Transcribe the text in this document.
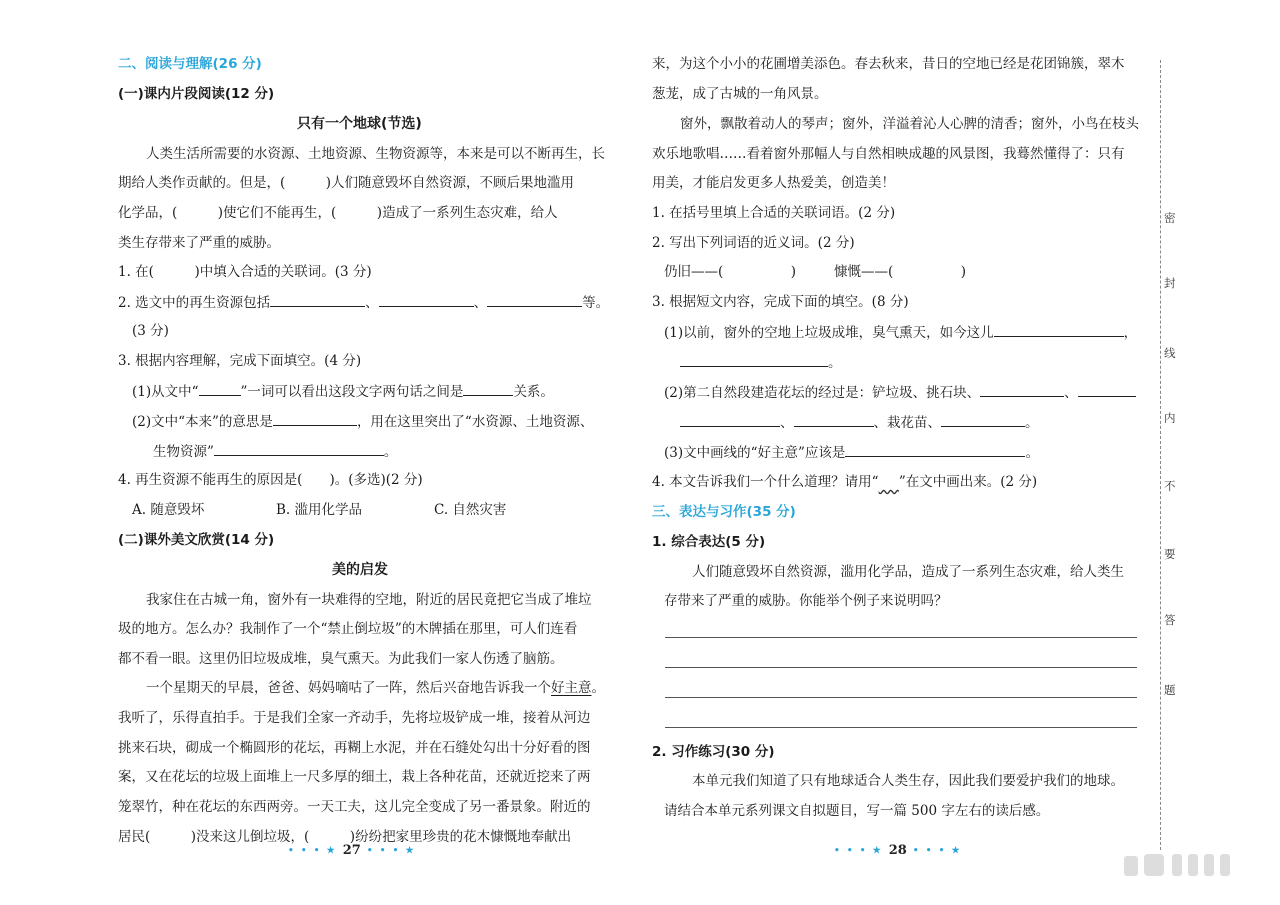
二、阅读与理解(26 分)
(一)课内片段阅读(12 分)
只有一个地球(节选)
人类生活所需要的水资源、土地资源、生物资源等，本来是可以不断再生，长
期给人类作贡献的。但是，(　　　)人们随意毁坏自然资源，不顾后果地滥用
化学品，(　　　)使它们不能再生，(　　　)造成了一系列生态灾难，给人
类生存带来了严重的威胁。
1. 在(　　　)中填入合适的关联词。(3 分)
2. 选文中的再生资源包括	、	、	等。
(3 分)
3. 根据内容理解，完成下面填空。(4 分)
(1)从文中“	”一词可以看出这段文字两句话之间是	关系。
(2)文中“本来”的意思是	，用在这里突出了“水资源、土地资源、
生物资源”	。
4. 再生资源不能再生的原因是(　　)。(多选)(2 分)
A. 随意毁坏	B. 滥用化学品	C. 自然灾害
(二)课外美文欣赏(14 分)
美的启发
我家住在古城一角，窗外有一块难得的空地，附近的居民竟把它当成了堆垃
圾的地方。怎么办？我制作了一个“禁止倒垃圾”的木牌插在那里，可人们连看
都不看一眼。这里仍旧垃圾成堆，臭气熏天。为此我们一家人伤透了脑筋。
一个星期天的早晨，爸爸、妈妈嘀咕了一阵，然后兴奋地告诉我一个好主意。
我听了，乐得直拍手。于是我们全家一齐动手，先将垃圾铲成一堆，接着从河边
挑来石块，砌成一个椭圆形的花坛，再糊上水泥，并在石缝处勾出十分好看的图
案，又在花坛的垃圾上面堆上一尺多厚的细土，栽上各种花苗，还就近挖来了两
笼翠竹，种在花坛的东西两旁。一天工夫，这儿完全变成了另一番景象。附近的
居民(　　　)没来这儿倒垃圾，(　　　)纷纷把家里珍贵的花木慷慨地奉献出
• • • ★ 27 • • • ★
来，为这个小小的花圃增美添色。春去秋来，昔日的空地已经是花团锦簇，翠木
葱茏，成了古城的一角风景。
窗外，飘散着动人的琴声；窗外，洋溢着沁人心脾的清香；窗外，小鸟在枝头
欢乐地歌唱……看着窗外那幅人与自然相映成趣的风景图，我蓦然懂得了：只有
用美，才能启发更多人热爱美，创造美！
1. 在括号里填上合适的关联词语。(2 分)
2. 写出下列词语的近义词。(2 分)
仍旧——(　　　　　)	慷慨——(　　　　　)
3. 根据短文内容，完成下面的填空。(8 分)
(1)以前，窗外的空地上垃圾成堆，臭气熏天，如今这儿	，
。
(2)第二自然段建造花坛的经过是：铲垃圾、挑石块、	、
、	、栽花苗、	。
(3)文中画线的“好主意”应该是	。
4. 本文告诉我们一个什么道理？请用“​   ”在文中画出来。(2 分)
三、表达与习作(35 分)
1. 综合表达(5 分)
人们随意毁坏自然资源，滥用化学品，造成了一系列生态灾难，给人类生
存带来了严重的威胁。你能举个例子来说明吗？
2. 习作练习(30 分)
本单元我们知道了只有地球适合人类生存，因此我们要爱护我们的地球。
请结合本单元系列课文自拟题目，写一篇 500 字左右的读后感。
• • • ★ 28 • • • ★
密
封
线
内
不
要
答
题
